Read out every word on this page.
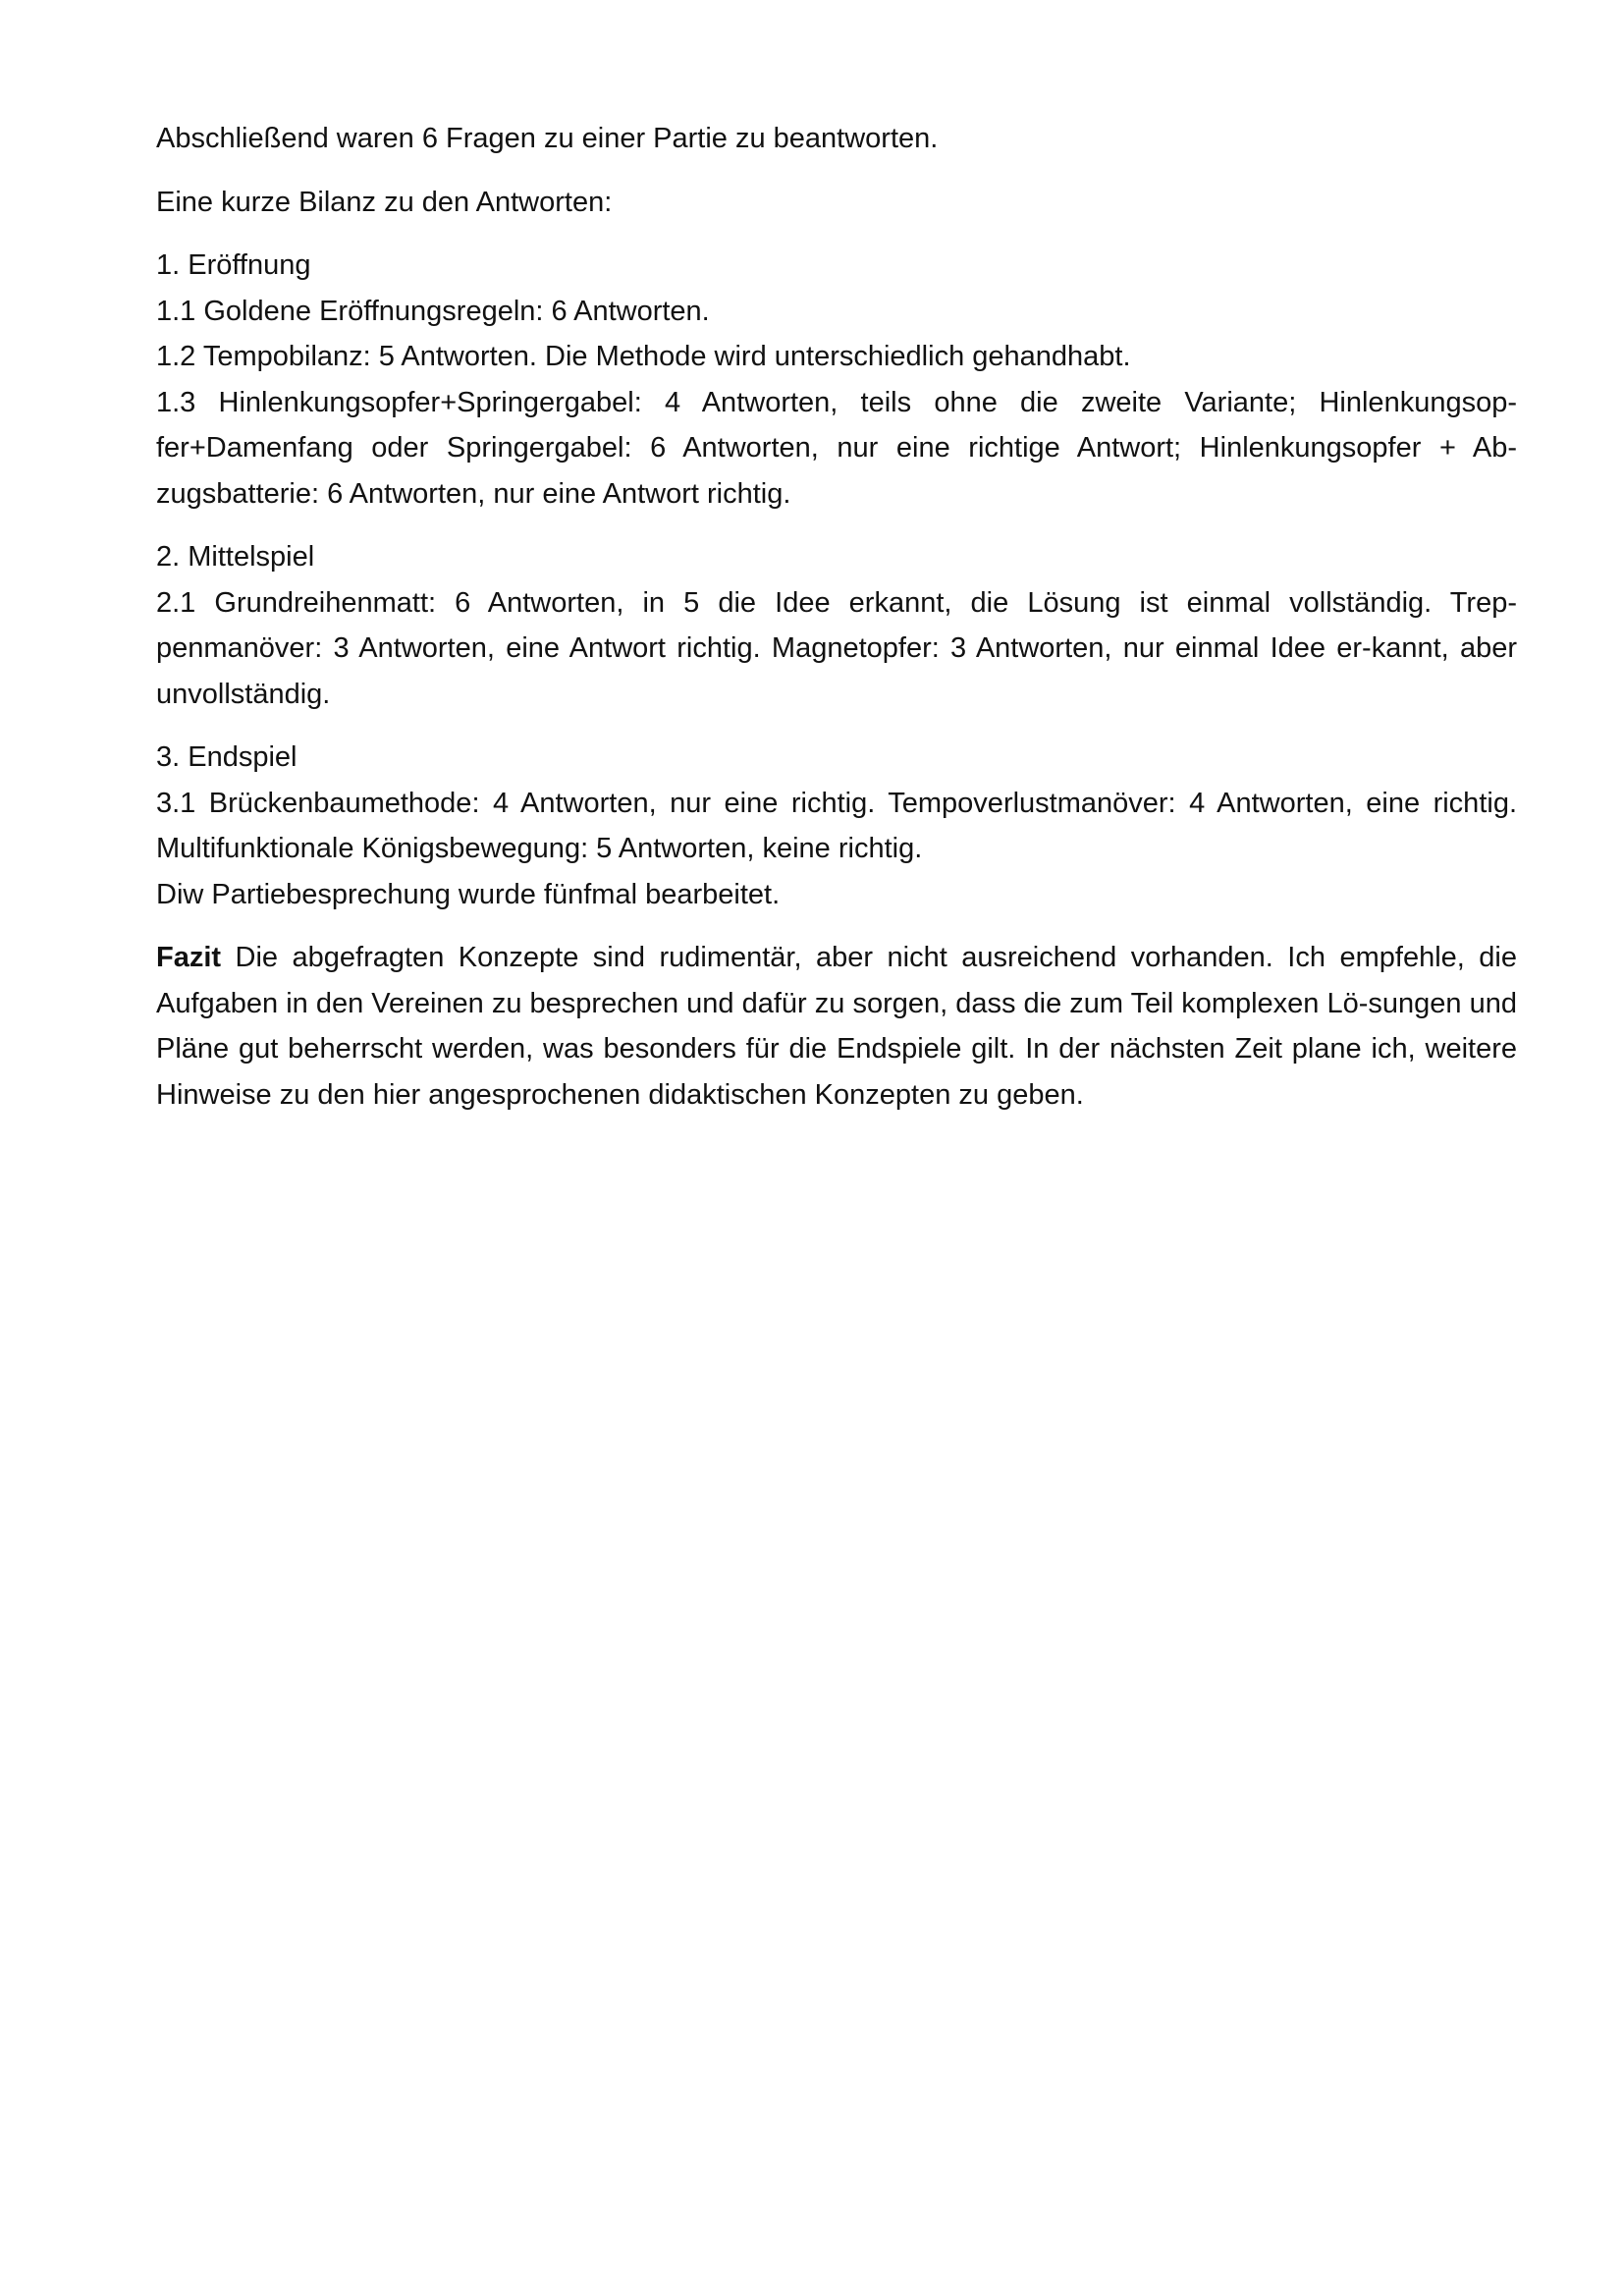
Abschließend waren 6 Fragen zu einer Partie zu beantworten.

Eine kurze Bilanz zu den Antworten:

1. Eröffnung
1.1 Goldene Eröffnungsregeln: 6 Antworten.
1.2 Tempobilanz: 5 Antworten. Die Methode wird unterschiedlich gehandhabt.
1.3 Hinlenkungsopfer+Springergabel: 4 Antworten, teils ohne die zweite Variante; Hinlenkungsop-fer+Damenfang oder Springergabel: 6 Antworten, nur eine richtige Antwort; Hinlenkungsopfer + Ab-zugsbatterie: 6 Antworten, nur eine Antwort richtig.

2. Mittelspiel
2.1 Grundreihenmatt: 6 Antworten, in 5 die Idee erkannt, die Lösung ist einmal vollständig. Trep-penmanöver: 3 Antworten, eine Antwort richtig. Magnetopfer: 3 Antworten, nur einmal Idee er-kannt, aber unvollständig.

3. Endspiel
3.1 Brückenbaumethode: 4 Antworten, nur eine richtig. Tempoverlustmanöver: 4 Antworten, eine richtig. Multifunktionale Königsbewegung: 5 Antworten, keine richtig.
Diw Partiebesprechung wurde fünfmal bearbeitet.

Fazit Die abgefragten Konzepte sind rudimentär, aber nicht ausreichend vorhanden. Ich empfehle, die Aufgaben in den Vereinen zu besprechen und dafür zu sorgen, dass die zum Teil komplexen Lö-sungen und Pläne gut beherrscht werden, was besonders für die Endspiele gilt. In der nächsten Zeit plane ich, weitere Hinweise zu den hier angesprochenen didaktischen Konzepten zu geben.
